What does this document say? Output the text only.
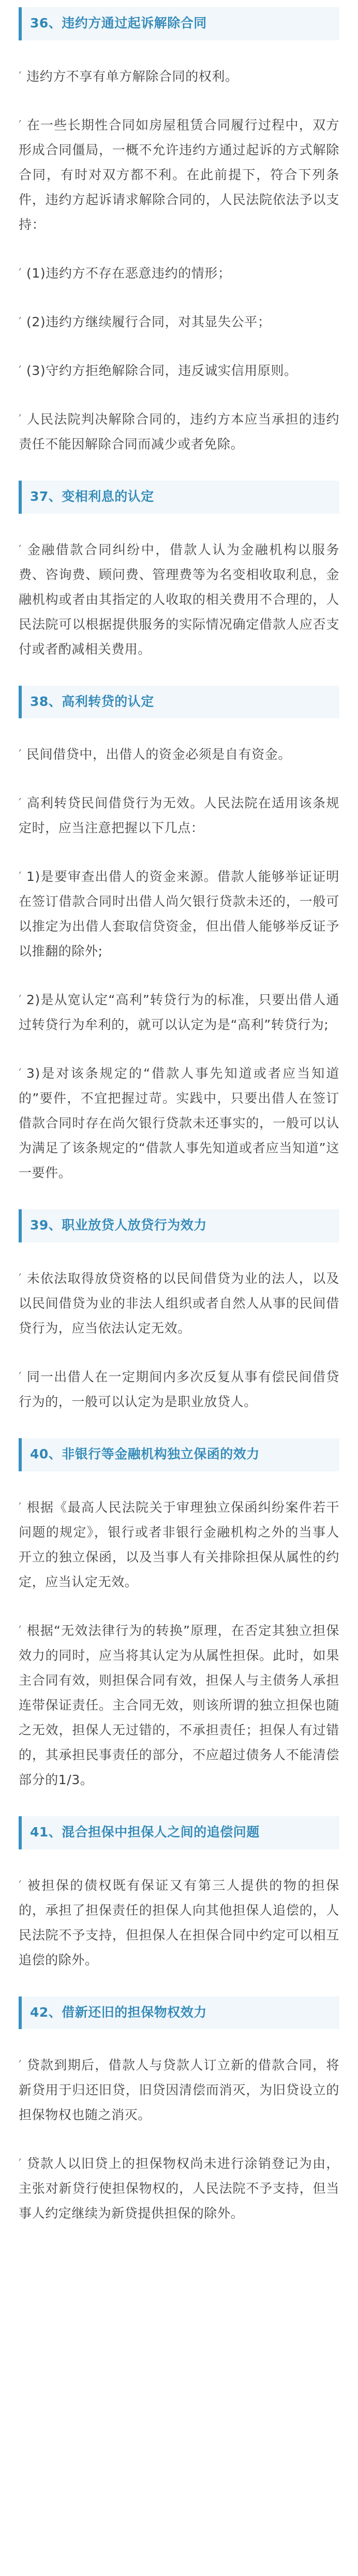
36、违约方通过起诉解除合同

′ 违约方不享有单方解除合同的权利。

′ 在一些长期性合同如房屋租赁合同履行过程中，双方形成合同僵局，一概不允许违约方通过起诉的方式解除合同，有时对双方都不利。在此前提下，符合下列条件，违约方起诉请求解除合同的，人民法院依法予以支持：

′ (1)违约方不存在恶意违约的情形；

′ (2)违约方继续履行合同，对其显失公平；

′ (3)守约方拒绝解除合同，违反诚实信用原则。

′ 人民法院判决解除合同的，违约方本应当承担的违约责任不能因解除合同而减少或者免除。

37、变相利息的认定

′ 金融借款合同纠纷中，借款人认为金融机构以服务费、咨询费、顾问费、管理费等为名变相收取利息，金融机构或者由其指定的人收取的相关费用不合理的，人民法院可以根据提供服务的实际情况确定借款人应否支付或者酌减相关费用。

38、高利转贷的认定

′ 民间借贷中，出借人的资金必须是自有资金。

′ 高利转贷民间借贷行为无效。人民法院在适用该条规定时，应当注意把握以下几点：

′ 1)是要审查出借人的资金来源。借款人能够举证证明在签订借款合同时出借人尚欠银行贷款未还的，一般可以推定为出借人套取信贷资金，但出借人能够举反证予以推翻的除外;

′ 2)是从宽认定“高利”转贷行为的标准，只要出借人通过转贷行为牟利的，就可以认定为是“高利”转贷行为;

′ 3)是对该条规定的“借款人事先知道或者应当知道的”要件，不宜把握过苛。实践中，只要出借人在签订借款合同时存在尚欠银行贷款未还事实的，一般可以认为满足了该条规定的“借款人事先知道或者应当知道”这一要件。

39、职业放贷人放贷行为效力

′ 未依法取得放贷资格的以民间借贷为业的法人，以及以民间借贷为业的非法人组织或者自然人从事的民间借贷行为，应当依法认定无效。

′ 同一出借人在一定期间内多次反复从事有偿民间借贷行为的，一般可以认定为是职业放贷人。

40、非银行等金融机构独立保函的效力

′ 根据《最高人民法院关于审理独立保函纠纷案件若干问题的规定》，银行或者非银行金融机构之外的当事人开立的独立保函，以及当事人有关排除担保从属性的约定，应当认定无效。

′ 根据“无效法律行为的转换”原理，在否定其独立担保效力的同时，应当将其认定为从属性担保。此时，如果主合同有效，则担保合同有效，担保人与主债务人承担连带保证责任。主合同无效，则该所谓的独立担保也随之无效，担保人无过错的，不承担责任；担保人有过错的，其承担民事责任的部分，不应超过债务人不能清偿部分的1/3。

41、混合担保中担保人之间的追偿问题

′ 被担保的债权既有保证又有第三人提供的物的担保的，承担了担保责任的担保人向其他担保人追偿的，人民法院不予支持，但担保人在担保合同中约定可以相互追偿的除外。

42、借新还旧的担保物权效力

′ 贷款到期后，借款人与贷款人订立新的借款合同，将新贷用于归还旧贷，旧贷因清偿而消灭，为旧贷设立的担保物权也随之消灭。

′ 贷款人以旧贷上的担保物权尚未进行涂销登记为由，主张对新贷行使担保物权的，人民法院不予支持，但当事人约定继续为新贷提供担保的除外。
